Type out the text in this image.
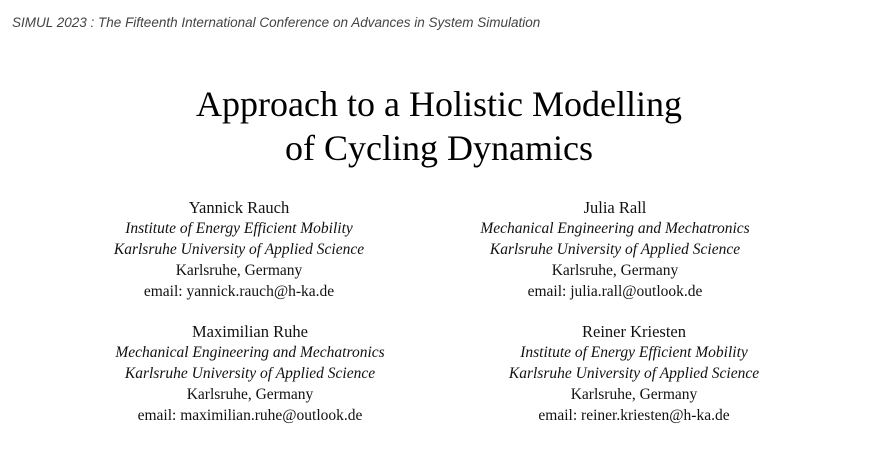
SIMUL 2023 : The Fifteenth International Conference on Advances in System Simulation
Approach to a Holistic Modelling
of Cycling Dynamics
Yannick Rauch
Institute of Energy Efficient Mobility
Karlsruhe University of Applied Science
Karlsruhe, Germany
email: yannick.rauch@h-ka.de
Julia Rall
Mechanical Engineering and Mechatronics
Karlsruhe University of Applied Science
Karlsruhe, Germany
email: julia.rall@outlook.de
Maximilian Ruhe
Mechanical Engineering and Mechatronics
Karlsruhe University of Applied Science
Karlsruhe, Germany
email: maximilian.ruhe@outlook.de
Reiner Kriesten
Institute of Energy Efficient Mobility
Karlsruhe University of Applied Science
Karlsruhe, Germany
email: reiner.kriesten@h-ka.de
